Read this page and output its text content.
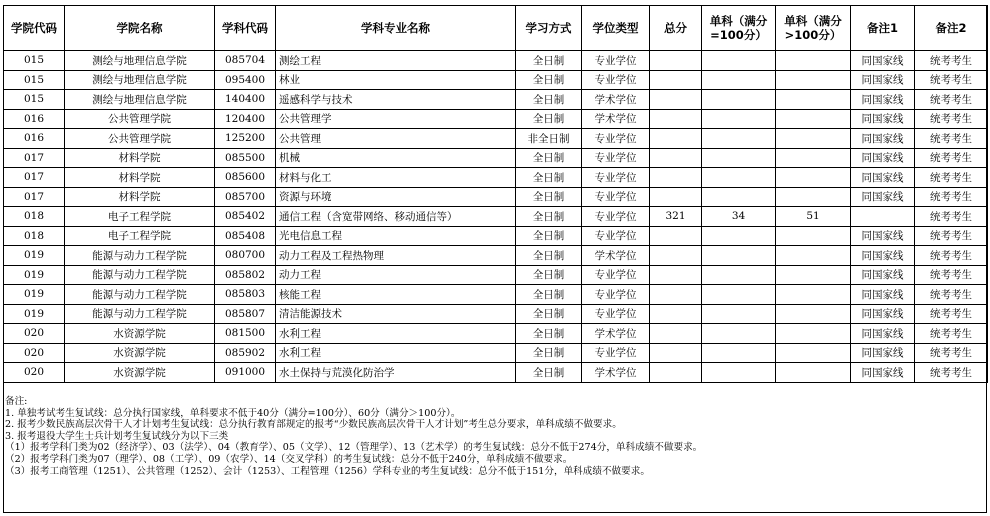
学院代码	学院名称	学科代码	学科专业名称	学习方式	学位类型	总分	单科（满分=100分）	单科（满分>100分）	备注1	备注2
015	测绘与地理信息学院	085704	测绘工程	全日制	专业学位				同国家线	统考考生
015	测绘与地理信息学院	095400	林业	全日制	专业学位				同国家线	统考考生
015	测绘与地理信息学院	140400	遥感科学与技术	全日制	学术学位				同国家线	统考考生
016	公共管理学院	120400	公共管理学	全日制	学术学位				同国家线	统考考生
016	公共管理学院	125200	公共管理	非全日制	专业学位				同国家线	统考考生
017	材料学院	085500	机械	全日制	专业学位				同国家线	统考考生
017	材料学院	085600	材料与化工	全日制	专业学位				同国家线	统考考生
017	材料学院	085700	资源与环境	全日制	专业学位				同国家线	统考考生
018	电子工程学院	085402	通信工程（含宽带网络、移动通信等）	全日制	专业学位	321	34	51		统考考生
018	电子工程学院	085408	光电信息工程	全日制	专业学位				同国家线	统考考生
019	能源与动力工程学院	080700	动力工程及工程热物理	全日制	学术学位				同国家线	统考考生
019	能源与动力工程学院	085802	动力工程	全日制	专业学位				同国家线	统考考生
019	能源与动力工程学院	085803	核能工程	全日制	专业学位				同国家线	统考考生
019	能源与动力工程学院	085807	清洁能源技术	全日制	专业学位				同国家线	统考考生
020	水资源学院	081500	水利工程	全日制	学术学位				同国家线	统考考生
020	水资源学院	085902	水利工程	全日制	专业学位				同国家线	统考考生
020	水资源学院	091000	水土保持与荒漠化防治学	全日制	学术学位				同国家线	统考考生
备注:
1. 单独考试考生复试线：总分执行国家线，单科要求不低于40分（满分=100分）、60分（满分＞100分）。
2. 报考少数民族高层次骨干人才计划考生复试线：总分执行教育部规定的报考“少数民族高层次骨干人才计划”考生总分要求，单科成绩不做要求。
3. 报考退役大学生士兵计划考生复试线分为以下三类
（1）报考学科门类为02（经济学）、03（法学）、04（教育学）、05（文学）、12（管理学）、13（艺术学）的考生复试线：总分不低于274分，单科成绩不做要求。
（2）报考学科门类为07（理学）、08（工学）、09（农学）、14（交叉学科）的考生复试线：总分不低于240分，单科成绩不做要求。
（3）报考工商管理（1251）、公共管理（1252）、会计（1253）、工程管理（1256）学科专业的考生复试线：总分不低于151分，单科成绩不做要求。
